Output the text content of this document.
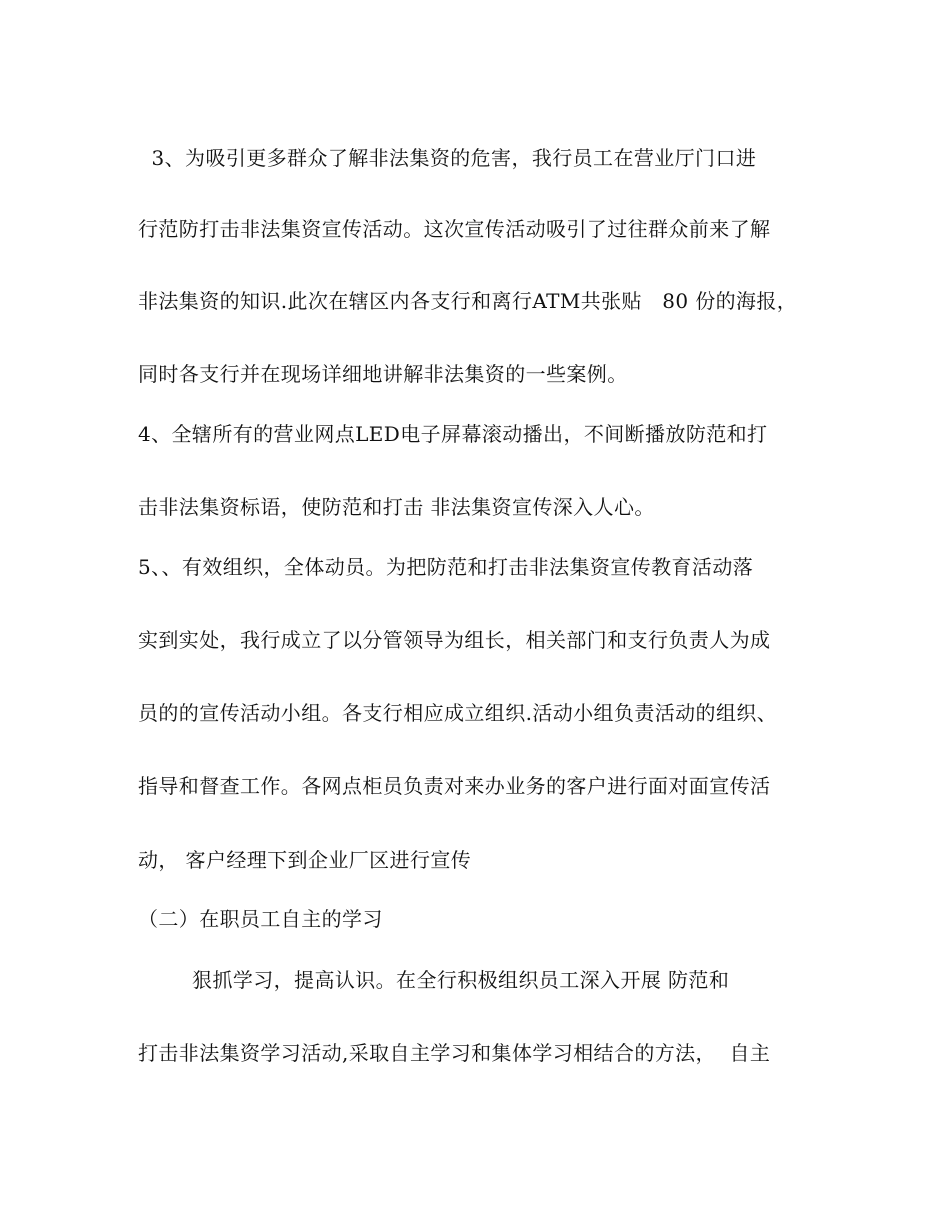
3、为吸引更多群众了解非法集资的危害，我行员工在营业厅门口进
行范防打击非法集资宣传活动。这次宣传活动吸引了过往群众前来了解
非法集资的知识.此次在辖区内各支行和离行ATM共张贴   80 份的海报，
同时各支行并在现场详细地讲解非法集资的一些案例。
4、全辖所有的营业网点LED电子屏幕滚动播出，不间断播放防范和打
击非法集资标语，使防范和打击 非法集资宣传深入人心。
5、、有效组织，全体动员。为把防范和打击非法集资宣传教育活动落
实到实处，我行成立了以分管领导为组长，相关部门和支行负责人为成
员的的宣传活动小组。各支行相应成立组织.活动小组负责活动的组织、
指导和督查工作。各网点柜员负责对来办业务的客户进行面对面宣传活
动， 客户经理下到企业厂区进行宣传
（二）在职员工自主的学习
狠抓学习，提高认识。在全行积极组织员工深入开展 防范和
打击非法集资学习活动,采取自主学习和集体学习相结合的方法，  自主
